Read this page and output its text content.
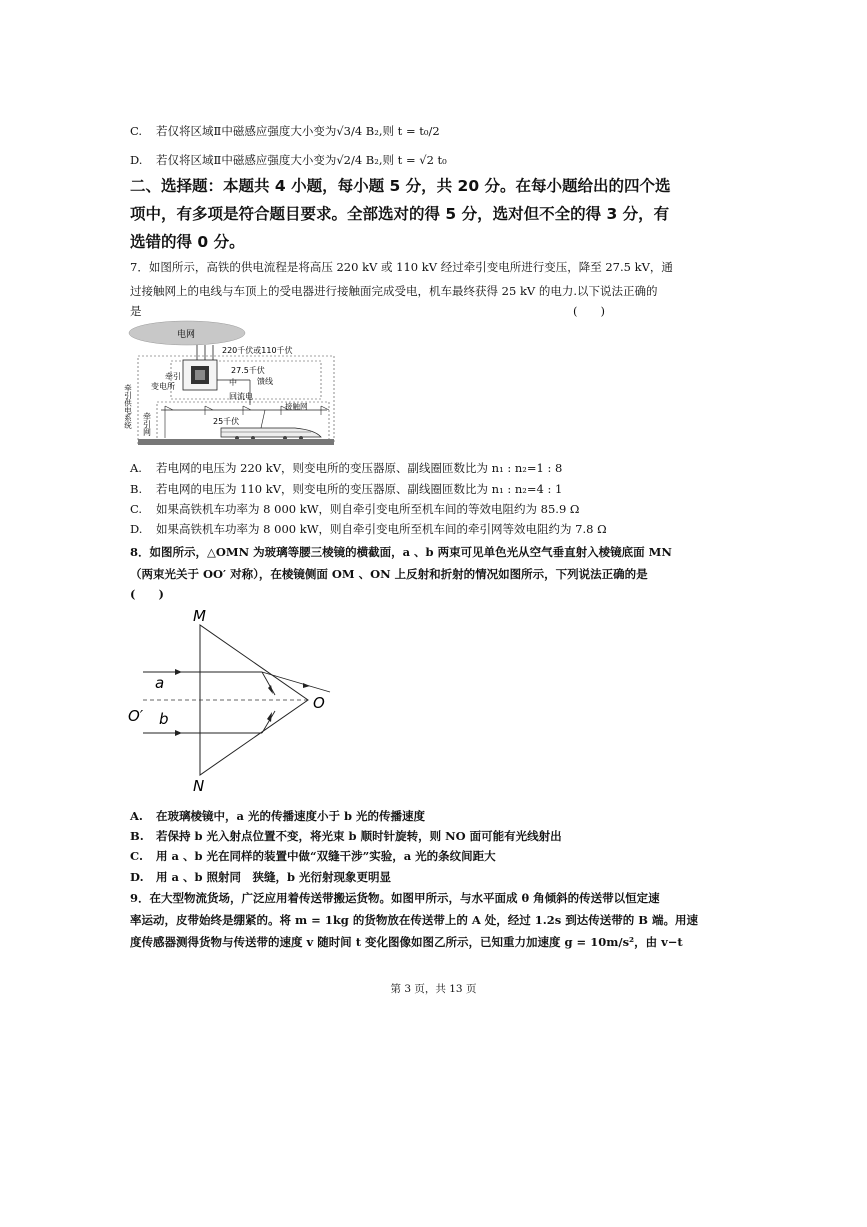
C. 若仅将区域Ⅱ中磁感应强度大小变为√3/4 B₂,则 t = t₀/2
D. 若仅将区域Ⅱ中磁感应强度大小变为√2/4 B₂,则 t = √2 t₀
二、选择题：本题共 4 小题，每小题 5 分，共 20 分。在每小题给出的四个选
项中，有多项是符合题目要求。全部选对的得 5 分，选对但不全的得 3 分，有
选错的得 0 分。
7．如图所示，高铁的供电流程是将高压 220 kV 或 110 kV 经过牵引变电所进行变压，降至 27.5 kV，通
过接触网上的电线与车顶上的受电器进行接触面完成受电，机车最终获得 25 kV 的电力.以下说法正确的
是	(　　)
电网
220千伏或110千伏
牵引
变电所
27.5千伏
中	馈线
回流电
接触网
25千伏
牵引供电系统 牵引网
A. 若电网的电压为 220 kV，则变电所的变压器原、副线圈匝数比为 n₁ : n₂=1 : 8
B. 若电网的电压为 110 kV，则变电所的变压器原、副线圈匝数比为 n₁ : n₂=4 : 1
C. 如果高铁机车功率为 8 000 kW，则自牵引变电所至机车间的等效电阻约为 85.9 Ω
D. 如果高铁机车功率为 8 000 kW，则自牵引变电所至机车间的牵引网等效电阻约为 7.8 Ω
8．如图所示，△OMN 为玻璃等腰三棱镜的横截面，a 、b 两束可见单色光从空气垂直射入棱镜底面 MN
（两束光关于 OO′ 对称），在棱镜侧面 OM 、ON 上反射和折射的情况如图所示，下列说法正确的是
(　　)
M
N
O
O′
a
b
A. 在玻璃棱镜中，a 光的传播速度小于 b 光的传播速度
B. 若保持 b 光入射点位置不变，将光束 b 顺时针旋转，则 NO 面可能有光线射出
C. 用 a 、b 光在同样的装置中做“双缝干涉”实验，a 光的条纹间距大
D. 用 a 、b 照射同　狭缝，b 光衍射现象更明显
9．在大型物流货场，广泛应用着传送带搬运货物。如图甲所示，与水平面成 θ 角倾斜的传送带以恒定速
率运动，皮带始终是绷紧的。将 m = 1kg 的货物放在传送带上的 A 处，经过 1.2s 到达传送带的 B 端。用速
度传感器测得货物与传送带的速度 v 随时间 t 变化图像如图乙所示，已知重力加速度 g = 10m/s²，由 v−t
第 3 页，共 13 页
